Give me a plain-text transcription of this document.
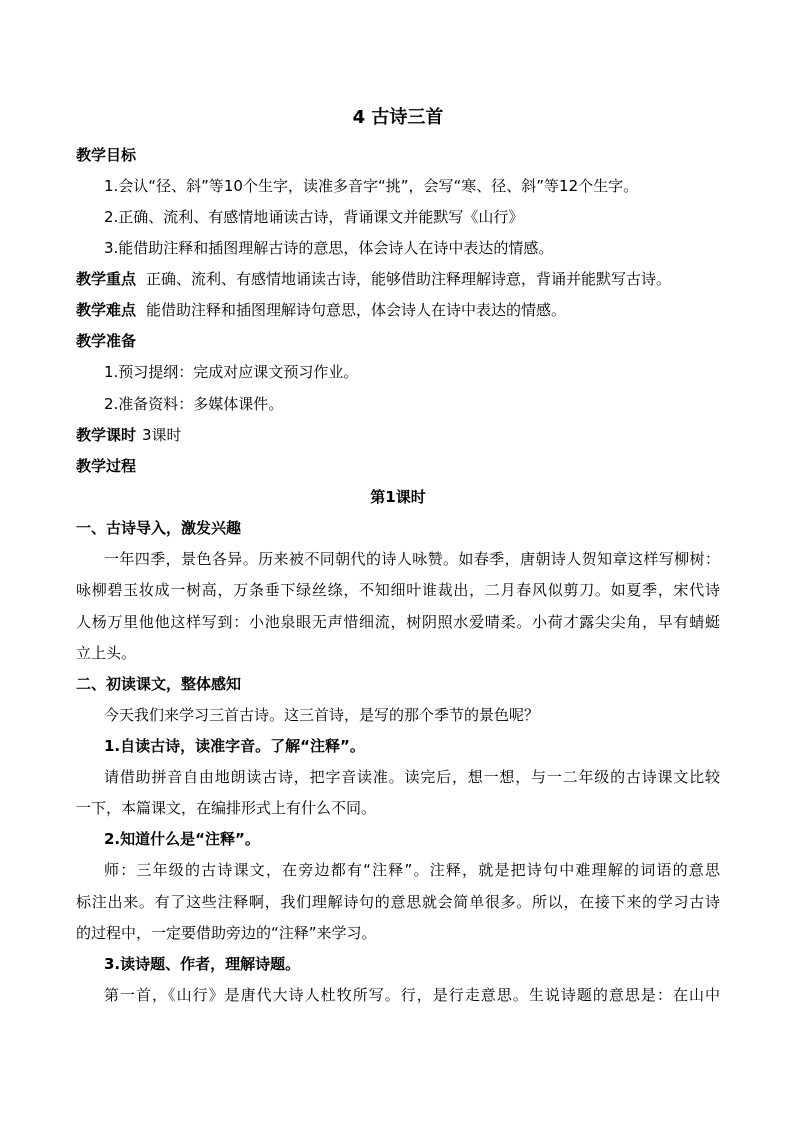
4 古诗三首
教学目标
1.会认“径、斜”等10个生字，读准多音字“挑”，会写“寒、径、斜”等12个生字。
2.正确、流利、有感情地诵读古诗，背诵课文并能默写《山行》
3.能借助注释和插图理解古诗的意思，体会诗人在诗中表达的情感。
教学重点 正确、流利、有感情地诵读古诗，能够借助注释理解诗意，背诵并能默写古诗。
教学难点 能借助注释和插图理解诗句意思，体会诗人在诗中表达的情感。
教学准备
1.预习提纲：完成对应课文预习作业。
2.准备资料：多媒体课件。
教学课时 3课时
教学过程
第1课时
一、古诗导入，激发兴趣
一年四季，景色各异。历来被不同朝代的诗人咏赞。如春季，唐朝诗人贺知章这样写柳树：
咏柳碧玉妆成一树高，万条垂下绿丝绦，不知细叶谁裁出，二月春风似剪刀。如夏季，宋代诗
人杨万里他他这样写到：小池泉眼无声惜细流，树阴照水爱晴柔。小荷才露尖尖角，早有蜻蜓
立上头。
二、初读课文，整体感知
今天我们来学习三首古诗。这三首诗，是写的那个季节的景色呢？
1.自读古诗，读准字音。了解“注释”。
请借助拼音自由地朗读古诗，把字音读准。读完后，想一想，与一二年级的古诗课文比较
一下，本篇课文，在编排形式上有什么不同。
2.知道什么是“注释”。
师：三年级的古诗课文，在旁边都有“注释”。注释，就是把诗句中难理解的词语的意思
标注出来。有了这些注释啊，我们理解诗句的意思就会简单很多。所以，在接下来的学习古诗
的过程中，一定要借助旁边的“注释”来学习。
3.读诗题、作者，理解诗题。
第一首，《山行》是唐代大诗人杜牧所写。行，是行走意思。生说诗题的意思是：在山中
